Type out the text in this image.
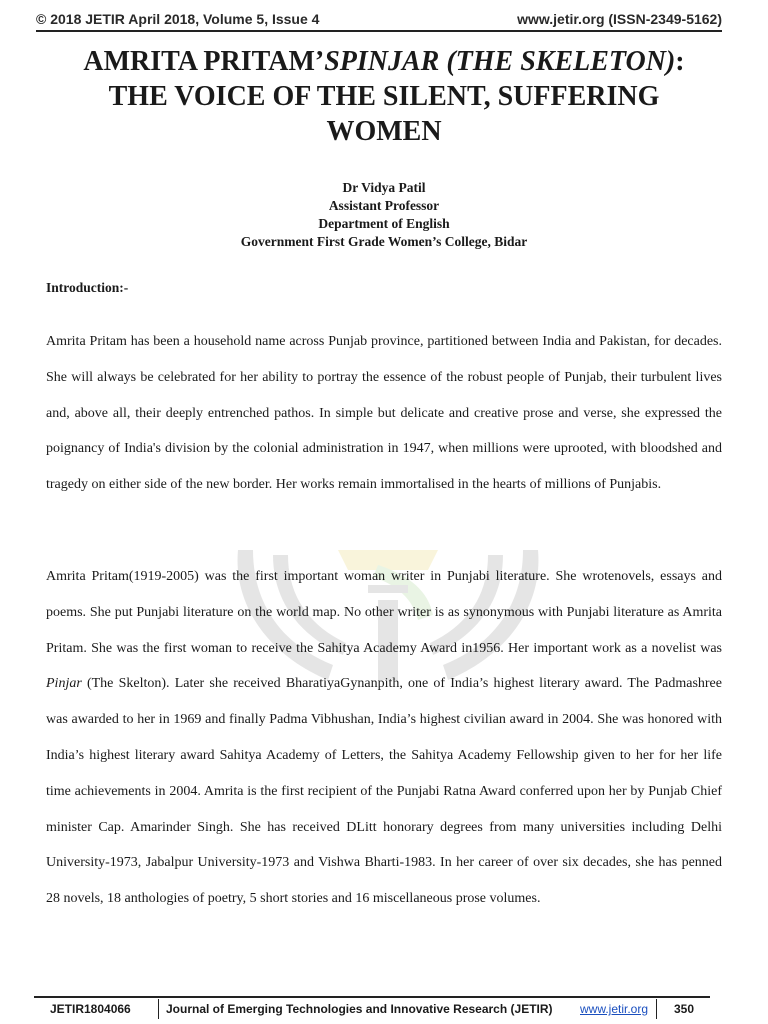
© 2018 JETIR April 2018, Volume 5, Issue 4	www.jetir.org (ISSN-2349-5162)
AMRITA PRITAM’SPINJAR (THE SKELETON):
THE VOICE OF THE SILENT, SUFFERING
WOMEN
Dr Vidya Patil
Assistant Professor
Department of English
Government First Grade Women’s College, Bidar
Introduction:-
Amrita Pritam has been a household name across Punjab province, partitioned between India and Pakistan, for decades. She will always be celebrated for her ability to portray the essence of the robust people of Punjab, their turbulent lives and, above all, their deeply entrenched pathos. In simple but delicate and creative prose and verse, she expressed the poignancy of India's division by the colonial administration in 1947, when millions were uprooted, with bloodshed and tragedy on either side of the new border. Her works remain immortalised in the hearts of millions of Punjabis.
Amrita Pritam(1919-2005) was the first important woman writer in Punjabi literature. She wrotenovels, essays and poems. She put Punjabi literature on the world map. No other writer is as synonymous with Punjabi literature as Amrita Pritam. She was the first woman to receive the Sahitya Academy Award in1956. Her important work as a novelist was Pinjar (The Skelton). Later she received BharatiyaGynanpith, one of India’s highest literary award. The Padmashree was awarded to her in 1969 and finally Padma Vibhushan, India’s highest civilian award in 2004. She was honored with India’s highest literary award Sahitya Academy of Letters, the Sahitya Academy Fellowship given to her for her life time achievements in 2004. Amrita is the first recipient of the Punjabi Ratna Award conferred upon her by Punjab Chief minister Cap. Amarinder Singh. She has received DLitt honorary degrees from many universities including Delhi University-1973, Jabalpur University-1973 and Vishwa Bharti-1983. In her career of over six decades, she has penned 28 novels, 18 anthologies of poetry, 5 short stories and 16 miscellaneous prose volumes.
JETIR1804066	Journal of Emerging Technologies and Innovative Research (JETIR) www.jetir.org 350
